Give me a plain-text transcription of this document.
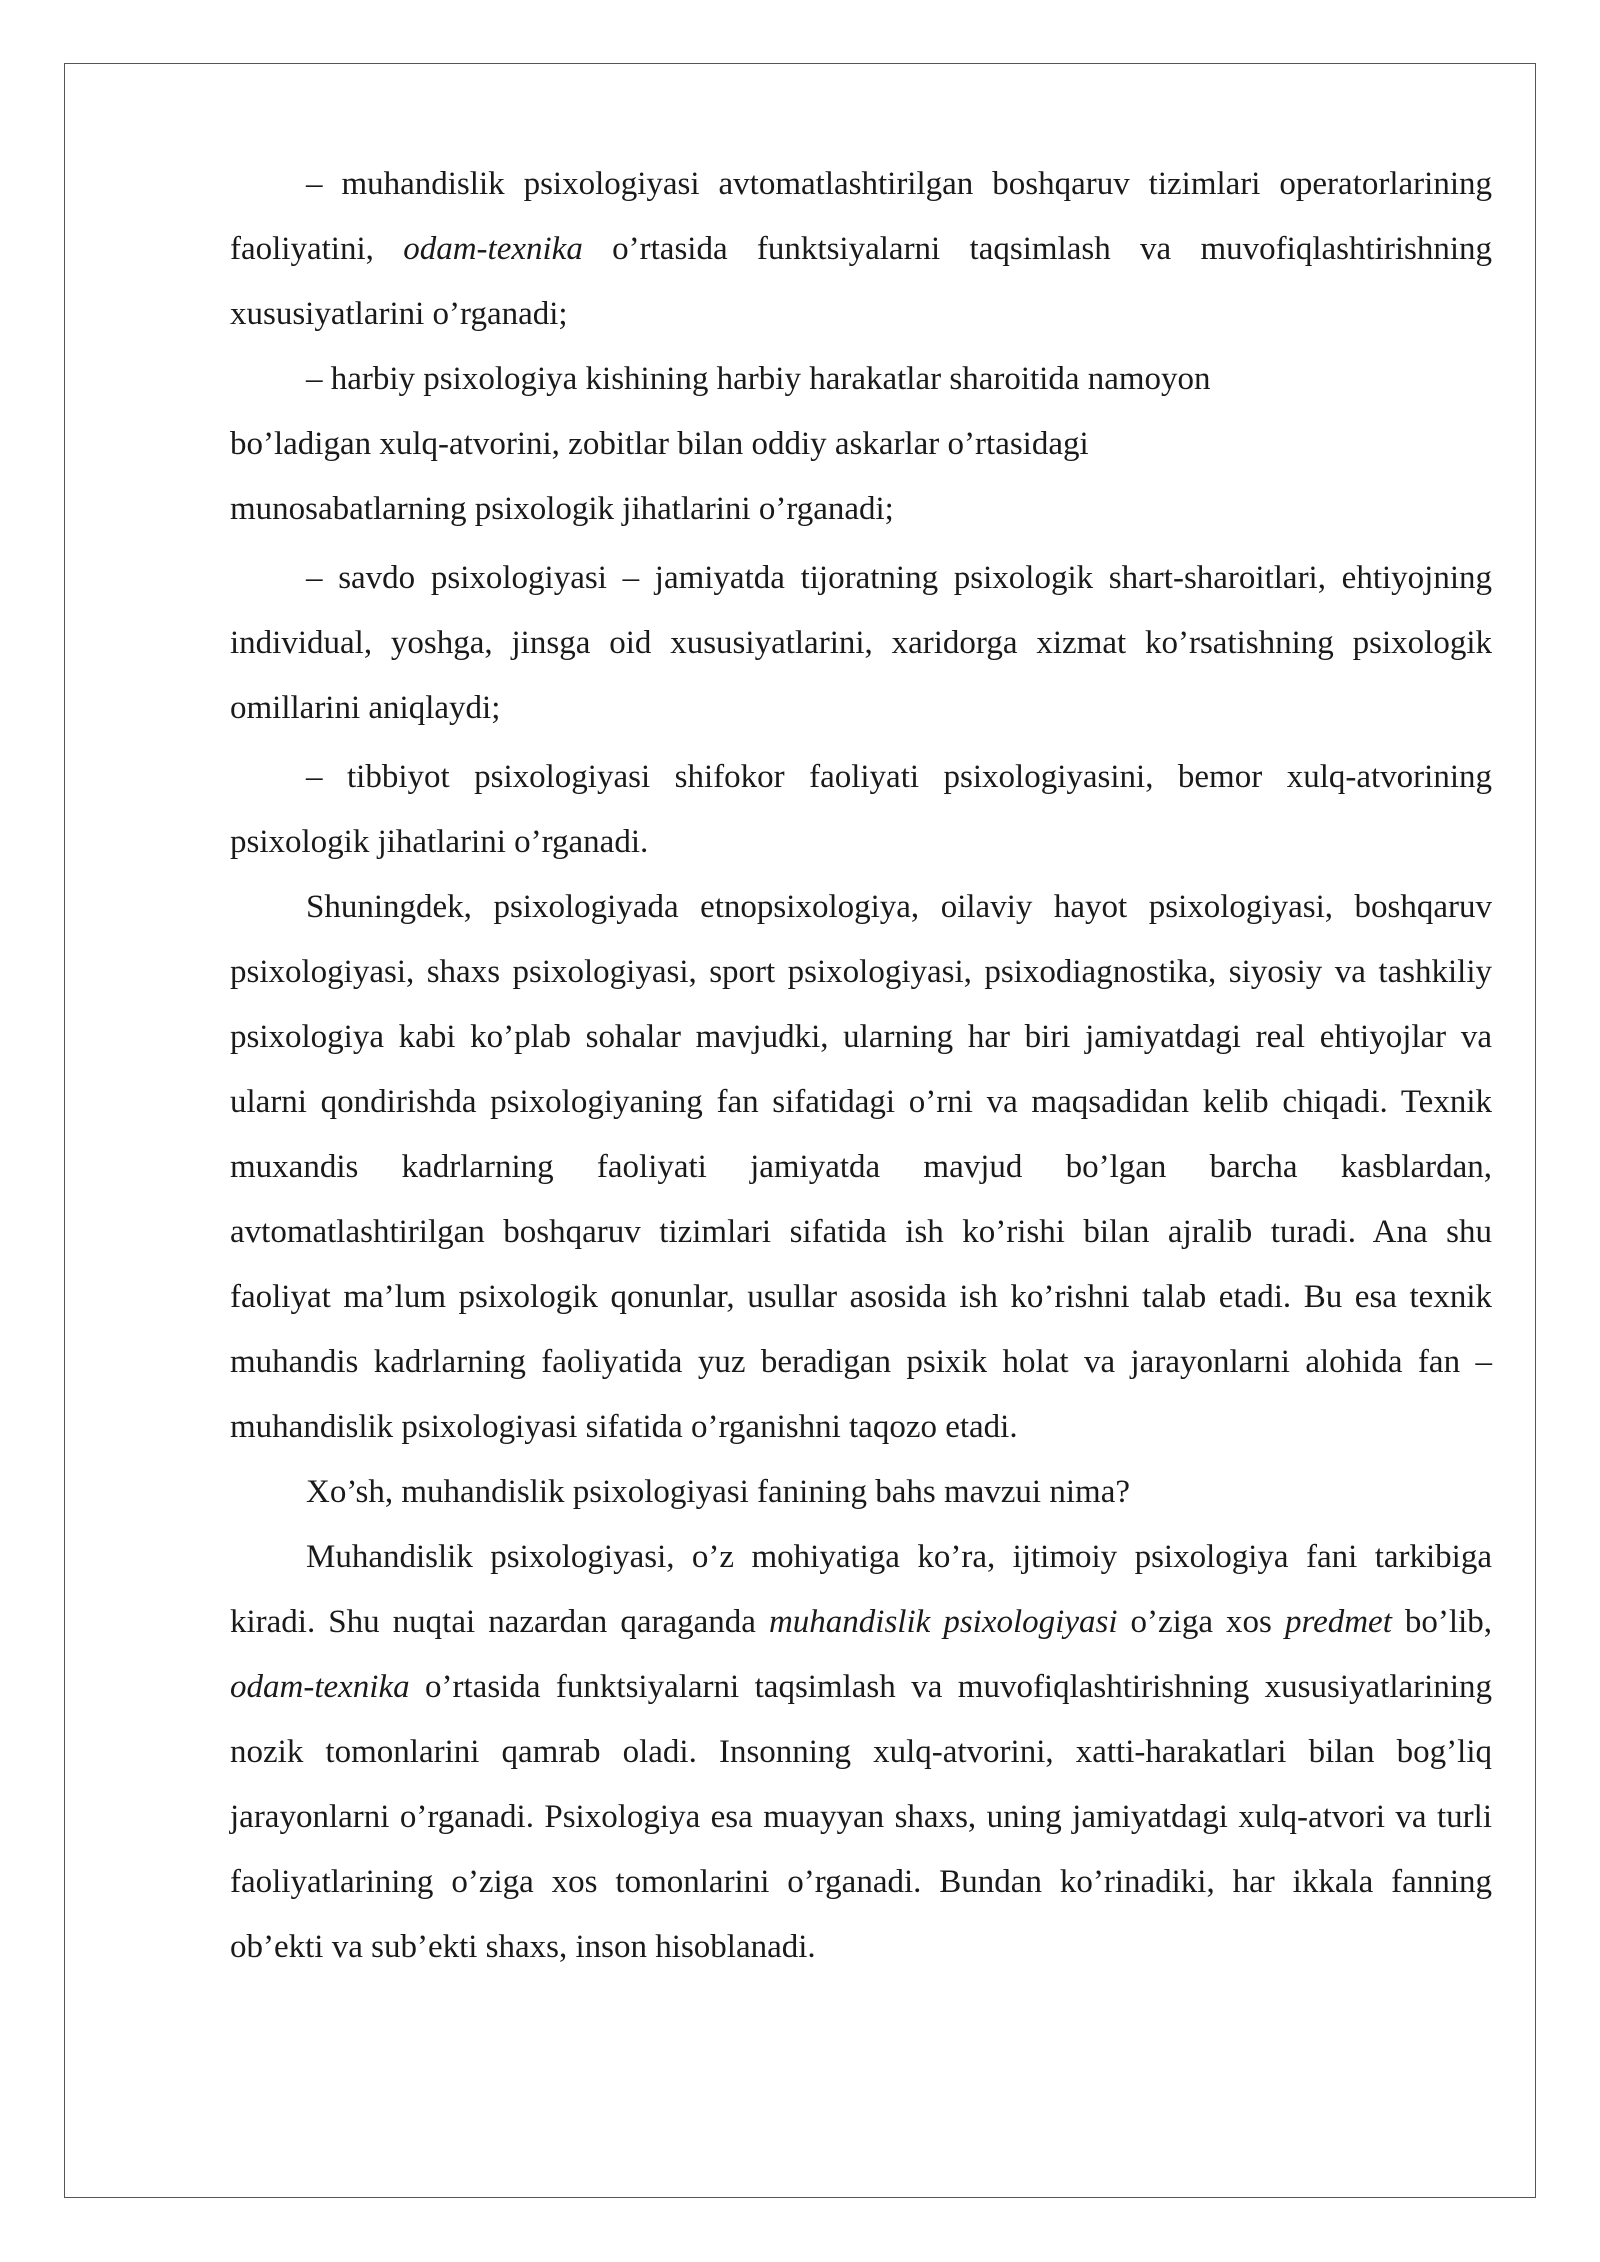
– muhandislik psixologiyasi avtomatlashtirilgan boshqaruv tizimlari operatorlarining faoliyatini, odam-texnika o’rtasida funktsiyalarni taqsimlash va muvofiqlashtirishning xususiyatlarini o’rganadi;

– harbiy psixologiya kishining harbiy harakatlar sharoitida namoyon
bo’ladigan xulq-atvorini, zobitlar bilan oddiy askarlar o’rtasidagi
munosabatlarning psixologik jihatlarini o’rganadi;

– savdo psixologiyasi – jamiyatda tijoratning psixologik shart-sharoitlari, ehtiyojning individual, yoshga, jinsga oid xususiyatlarini, xaridorga xizmat ko’rsatishning psixologik omillarini aniqlaydi;

– tibbiyot psixologiyasi shifokor faoliyati psixologiyasini, bemor xulq-atvorining psixologik jihatlarini o’rganadi.

Shuningdek, psixologiyada etnopsixologiya, oilaviy hayot psixologiyasi, boshqaruv psixologiyasi, shaxs psixologiyasi, sport psixologiyasi, psixodiagnostika, siyosiy va tashkiliy psixologiya kabi ko’plab sohalar mavjudki, ularning har biri jamiyatdagi real ehtiyojlar va ularni qondirishda psixologiyaning fan sifatidagi o’rni va maqsadidan kelib chiqadi. Texnik muxandis kadrlarning faoliyati jamiyatda mavjud bo’lgan barcha kasblardan, avtomatlashtirilgan boshqaruv tizimlari sifatida ish ko’rishi bilan ajralib turadi. Ana shu faoliyat ma’lum psixologik qonunlar, usullar asosida ish ko’rishni talab etadi. Bu esa texnik muhandis kadrlarning faoliyatida yuz beradigan psixik holat va jarayonlarni alohida fan – muhandislik psixologiyasi sifatida o’rganishni taqozo etadi.

Xo’sh, muhandislik psixologiyasi fanining bahs mavzui nima?

Muhandislik psixologiyasi, o’z mohiyatiga ko’ra, ijtimoiy psixologiya fani tarkibiga kiradi. Shu nuqtai nazardan qaraganda muhandislik psixologiyasi o’ziga xos predmet bo’lib, odam-texnika o’rtasida funktsiyalarni taqsimlash va muvofiqlashtirishning xususiyatlarining nozik tomonlarini qamrab oladi. Insonning xulq-atvorini, xatti-harakatlari bilan bog’liq jarayonlarni o’rganadi. Psixologiya esa muayyan shaxs, uning jamiyatdagi xulq-atvori va turli faoliyatlarining o’ziga xos tomonlarini o’rganadi. Bundan ko’rinadiki, har ikkala fanning ob’ekti va sub’ekti shaxs, inson hisoblanadi.
